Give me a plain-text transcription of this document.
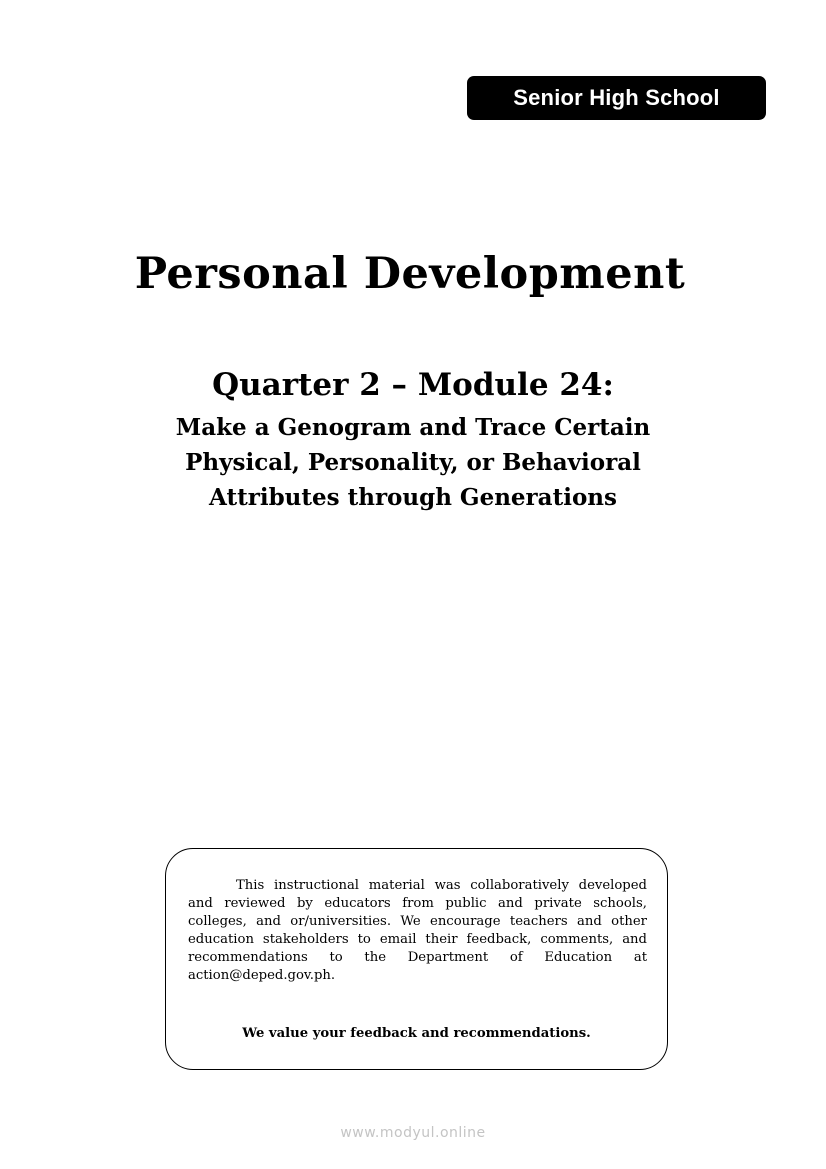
Senior High School
Personal Development
Quarter 2 – Module 24:
Make a Genogram and Trace Certain
Physical, Personality, or Behavioral
Attributes through Generations

This instructional material was collaboratively developed and reviewed by educators from public and private schools, colleges, and or/universities. We encourage teachers and other education stakeholders to email their feedback, comments, and recommendations to the Department of Education at action@deped.gov.ph.

We value your feedback and recommendations.

www.modyul.online
